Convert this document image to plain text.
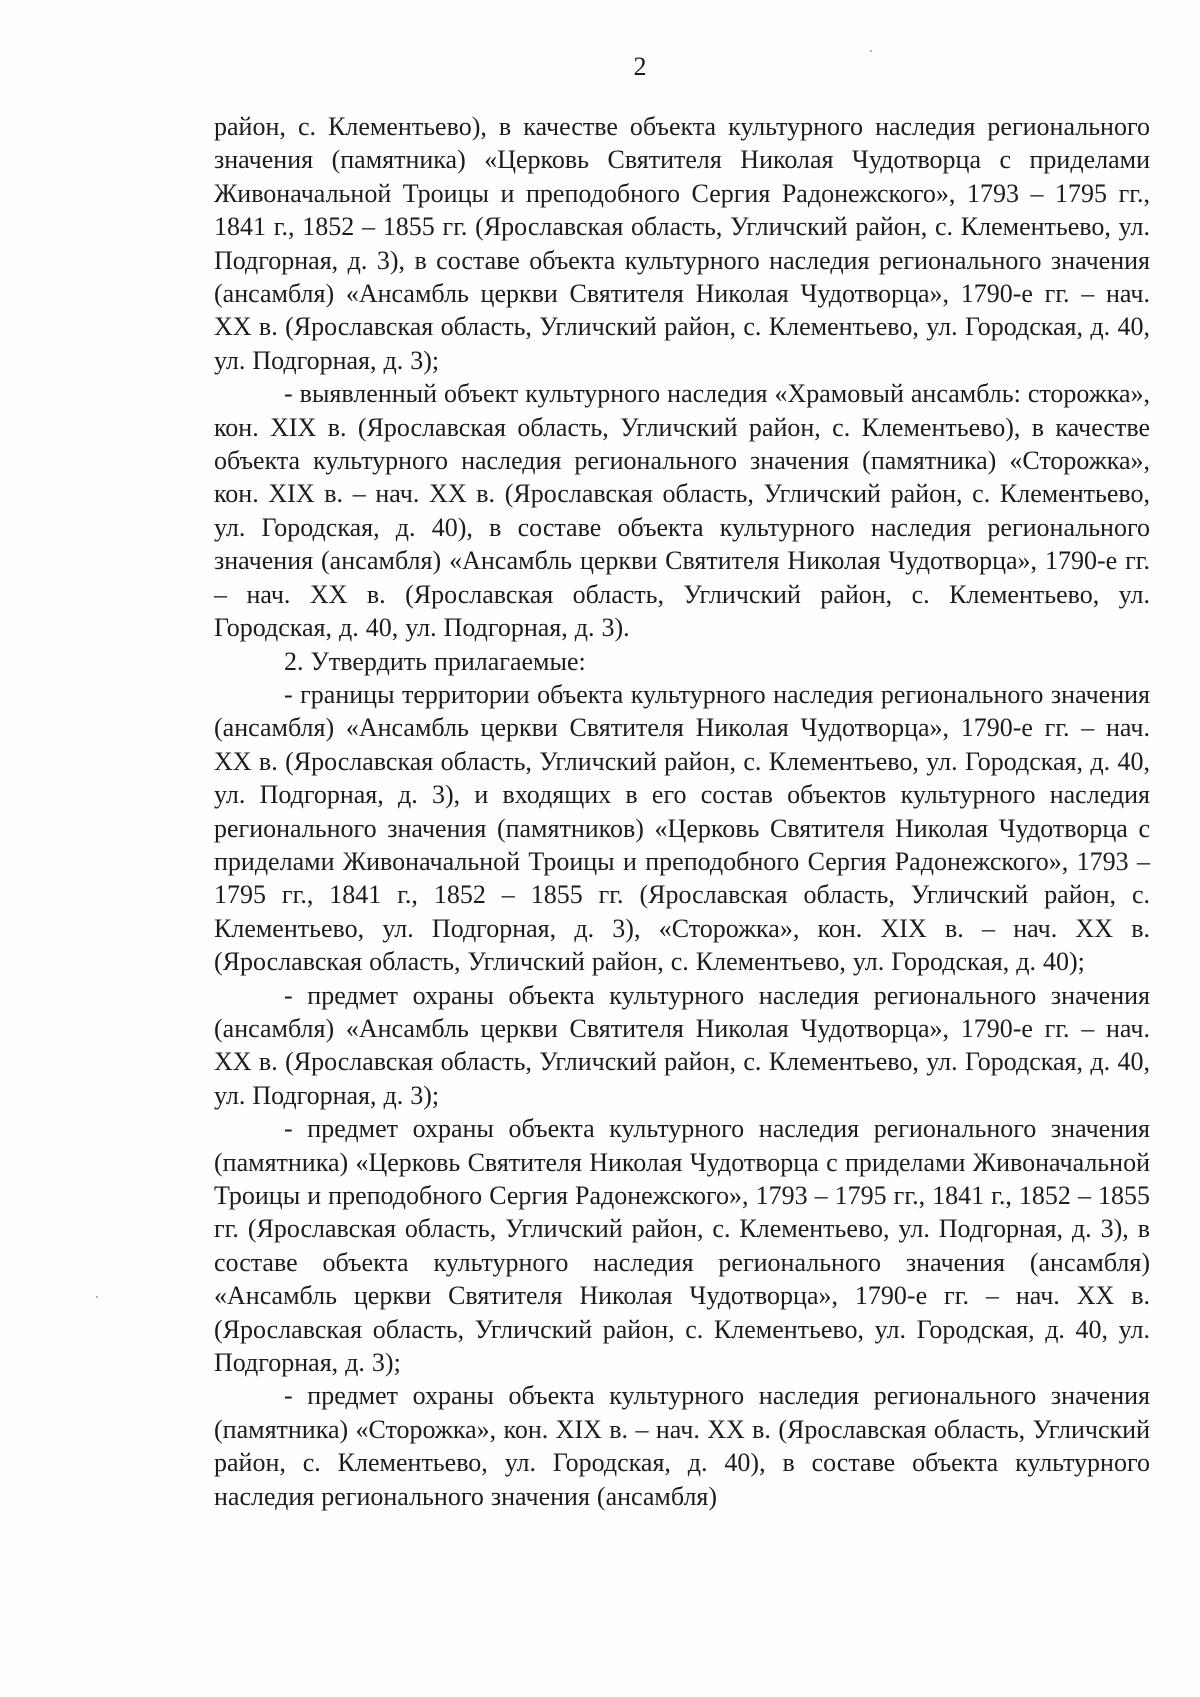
2

район, с. Клементьево), в качестве объекта культурного наследия регионального значения (памятника) «Церковь Святителя Николая Чудотворца с приделами Живоначальной Троицы и преподобного Сергия Радонежского», 1793 – 1795 гг., 1841 г., 1852 – 1855 гг. (Ярославская область, Угличский район, с. Клементьево, ул. Подгорная, д. 3), в составе объекта культурного наследия регионального значения (ансамбля) «Ансамбль церкви Святителя Николая Чудотворца», 1790-е гг. – нач. XX в. (Ярославская область, Угличский район, с. Клементьево, ул. Городская, д. 40, ул. Подгорная, д. 3);

- выявленный объект культурного наследия «Храмовый ансамбль: сторожка», кон. XIX в. (Ярославская область, Угличский район, с. Клементьево), в качестве объекта культурного наследия регионального значения (памятника) «Сторожка», кон. XIX в. – нач. XX в. (Ярославская область, Угличский район, с. Клементьево, ул. Городская, д. 40), в составе объекта культурного наследия регионального значения (ансамбля) «Ансамбль церкви Святителя Николая Чудотворца», 1790-е гг. – нач. XX в. (Ярославская область, Угличский район, с. Клементьево, ул. Городская, д. 40, ул. Подгорная, д. 3).

2. Утвердить прилагаемые:

- границы территории объекта культурного наследия регионального значения (ансамбля) «Ансамбль церкви Святителя Николая Чудотворца», 1790-е гг. – нач. XX в. (Ярославская область, Угличский район, с. Клементьево, ул. Городская, д. 40, ул. Подгорная, д. 3), и входящих в его состав объектов культурного наследия регионального значения (памятников) «Церковь Святителя Николая Чудотворца с приделами Живоначальной Троицы и преподобного Сергия Радонежского», 1793 – 1795 гг., 1841 г., 1852 – 1855 гг. (Ярославская область, Угличский район, с. Клементьево, ул. Подгорная, д. 3), «Сторожка», кон. XIX в. – нач. XX в. (Ярославская область, Угличский район, с. Клементьево, ул. Городская, д. 40);

- предмет охраны объекта культурного наследия регионального значения (ансамбля) «Ансамбль церкви Святителя Николая Чудотворца», 1790-е гг. – нач. XX в. (Ярославская область, Угличский район, с. Клементьево, ул. Городская, д. 40, ул. Подгорная, д. 3);

- предмет охраны объекта культурного наследия регионального значения (памятника) «Церковь Святителя Николая Чудотворца с приделами Живоначальной Троицы и преподобного Сергия Радонежского», 1793 – 1795 гг., 1841 г., 1852 – 1855 гг. (Ярославская область, Угличский район, с. Клементьево, ул. Подгорная, д. 3), в составе объекта культурного наследия регионального значения (ансамбля) «Ансамбль церкви Святителя Николая Чудотворца», 1790-е гг. – нач. XX в. (Ярославская область, Угличский район, с. Клементьево, ул. Городская, д. 40, ул. Подгорная, д. 3);

- предмет охраны объекта культурного наследия регионального значения (памятника) «Сторожка», кон. XIX в. – нач. XX в. (Ярославская область, Угличский район, с. Клементьево, ул. Городская, д. 40), в составе объекта культурного наследия регионального значения (ансамбля)
